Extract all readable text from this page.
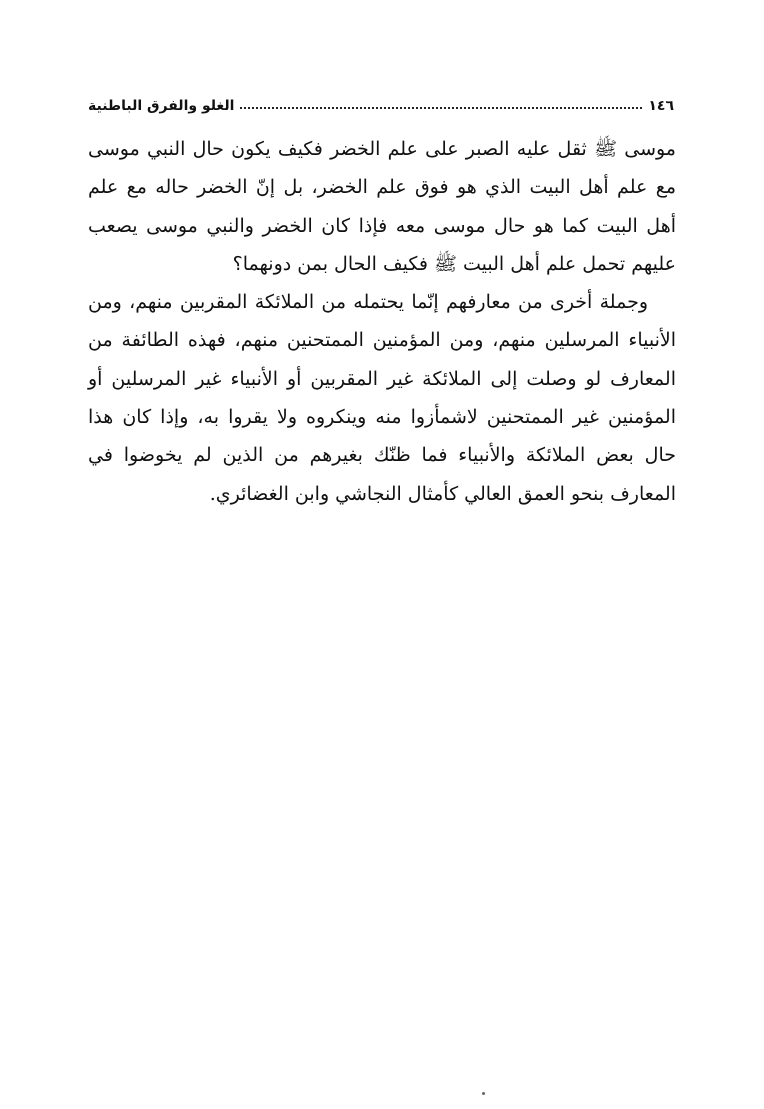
١٤٦
الغلو والفرق الباطنية

موسى ﷺ ثقل عليه الصبر على علم الخضر فكيف يكون حال النبي موسى مع علم أهل البيت الذي هو فوق علم الخضر، بل إنّ الخضر حاله مع علم أهل البيت كما هو حال موسى معه فإذا كان الخضر والنبي موسى يصعب عليهم تحمل علم أهل البيت ﷺ فكيف الحال بمن دونهما؟

وجملة أخرى من معارفهم إنّما يحتمله من الملائكة المقربين منهم، ومن الأنبياء المرسلين منهم، ومن المؤمنين الممتحنين منهم، فهذه الطائفة من المعارف لو وصلت إلى الملائكة غير المقربين أو الأنبياء غير المرسلين أو المؤمنين غير الممتحنين لاشمأزوا منه وينكروه ولا يقروا به، وإذا كان هذا حال بعض الملائكة والأنبياء فما ظنّك بغيرهم من الذين لم يخوضوا في المعارف بنحو العمق العالي كأمثال النجاشي وابن الغضائري.
